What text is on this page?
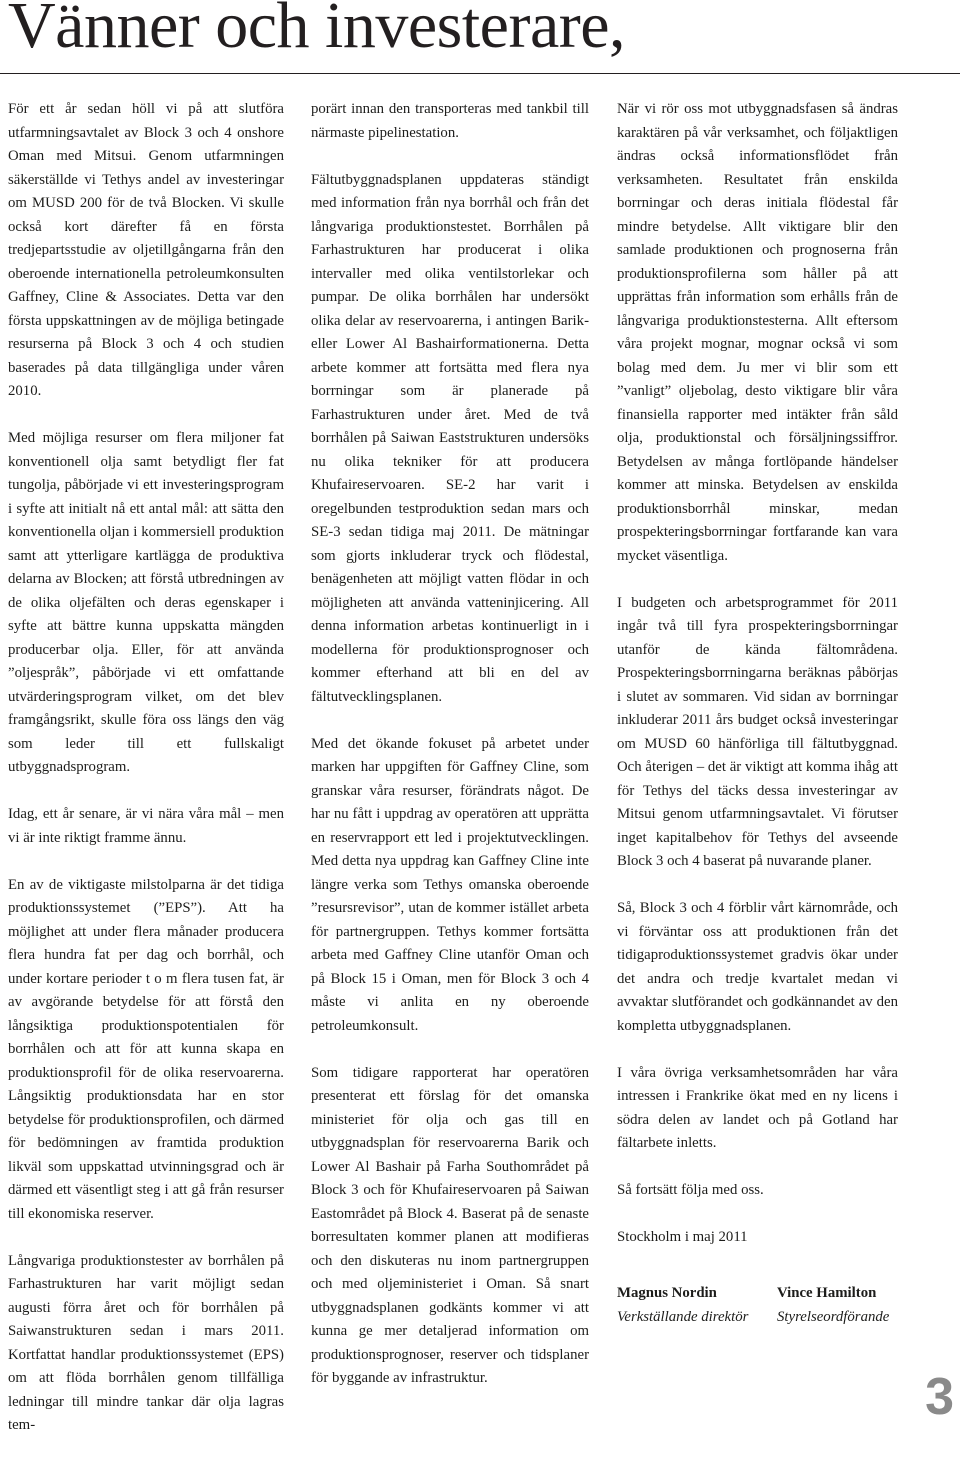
Vänner och investerare,

För ett år sedan höll vi på att slutföra utfarmningsavtalet av Block 3 och 4 onshore Oman med Mitsui. Genom utfarmningen säkerställde vi Tethys andel av investeringar om MUSD 200 för de två Blocken. Vi skulle också kort därefter få en första tredjepartsstudie av oljetillgångarna från den oberoende internationella petroleumkonsulten Gaffney, Cline & Associates. Detta var den första uppskattningen av de möjliga betingade resurserna på Block 3 och 4 och studien baserades på data tillgängliga under våren 2010.

Med möjliga resurser om flera miljoner fat konventionell olja samt betydligt fler fat tungolja, påbörjade vi ett investeringsprogram i syfte att initialt nå ett antal mål: att sätta den konventionella oljan i kommersiell produktion samt att ytterligare kartlägga de produktiva delarna av Blocken; att förstå utbredningen av de olika oljefälten och deras egenskaper i syfte att bättre kunna uppskatta mängden producerbar olja. Eller, för att använda ”oljespråk”, påbörjade vi ett omfattande utvärderingsprogram vilket, om det blev framgångsrikt, skulle föra oss längs den väg som leder till ett fullskaligt utbyggnadsprogram.

Idag, ett år senare, är vi nära våra mål – men vi är inte riktigt framme ännu.

En av de viktigaste milstolparna är det tidiga produktionssystemet (”EPS”). Att ha möjlighet att under flera månader producera flera hundra fat per dag och borrhål, och under kortare perioder t o m flera tusen fat, är av avgörande betydelse för att förstå den långsiktiga produktionspotentialen för borrhålen och att för att kunna skapa en produktionsprofil för de olika reservoarerna. Långsiktig produktionsdata har en stor betydelse för produktionsprofilen, och därmed för bedömningen av framtida produktion likväl som uppskattad utvinningsgrad och är därmed ett väsentligt steg i att gå från resurser till ekonomiska reserver.

Långvariga produktionstester av borrhålen på Farhastrukturen har varit möjligt sedan augusti förra året och för borrhålen på Saiwanstrukturen sedan i mars 2011. Kortfattat handlar produktionssystemet (EPS) om att flöda borrhålen genom tillfälliga ledningar till mindre tankar där olja lagras tem-

porärt innan den transporteras med tankbil till närmaste pipelinestation.

Fältutbyggnadsplanen uppdateras ständigt med information från nya borrhål och från det långvariga produktionstestet. Borrhålen på Farhastrukturen har producerat i olika intervaller med olika ventilstorlekar och pumpar. De olika borrhålen har undersökt olika delar av reservoarerna, i antingen Barik- eller Lower Al Bashairformationerna. Detta arbete kommer att fortsätta med flera nya borrningar som är planerade på Farhastrukturen under året. Med de två borrhålen på Saiwan Eaststrukturen undersöks nu olika tekniker för att producera Khufaireservoaren. SE-2 har varit i oregelbunden testproduktion sedan mars och SE-3 sedan tidiga maj 2011. De mätningar som gjorts inkluderar tryck och flödestal, benägenheten att möjligt vatten flödar in och möjligheten att använda vatteninjicering. All denna information arbetas kontinuerligt in i modellerna för produktionsprognoser och kommer efterhand att bli en del av fältutvecklingsplanen.

Med det ökande fokuset på arbetet under marken har uppgiften för Gaffney Cline, som granskar våra resurser, förändrats något. De har nu fått i uppdrag av operatören att upprätta en reservrapport ett led i projektutvecklingen. Med detta nya uppdrag kan Gaffney Cline inte längre verka som Tethys omanska oberoende ”resursrevisor”, utan de kommer istället arbeta för partnergruppen. Tethys kommer fortsätta arbeta med Gaffney Cline utanför Oman och på Block 15 i Oman, men för Block 3 och 4 måste vi anlita en ny oberoende petroleumkonsult.

Som tidigare rapporterat har operatören presenterat ett förslag för det omanska ministeriet för olja och gas till en utbyggnadsplan för reservoarerna Barik och Lower Al Bashair på Farha Southområdet på Block 3 och för Khufaireservoaren på Saiwan Eastområdet på Block 4. Baserat på de senaste borresultaten kommer planen att modifieras och den diskuteras nu inom partnergruppen och med oljeministeriet i Oman. Så snart utbyggnadsplanen godkänts kommer vi att kunna ge mer detaljerad information om produktionsprognoser, reserver och tidsplaner för byggande av infrastruktur.

När vi rör oss mot utbyggnadsfasen så ändras karaktären på vår verksamhet, och följaktligen ändras också informationsflödet från verksamheten. Resultatet från enskilda borrningar och deras initiala flödestal får mindre betydelse. Allt viktigare blir den samlade produktionen och prognoserna från produktionsprofilerna som håller på att upprättas från information som erhålls från de långvariga produktionstesterna. Allt eftersom våra projekt mognar, mognar också vi som bolag med dem. Ju mer vi blir som ett ”vanligt” oljebolag, desto viktigare blir våra finansiella rapporter med intäkter från såld olja, produktionstal och försäljningssiffror. Betydelsen av många fortlöpande händelser kommer att minska. Betydelsen av enskilda produktionsborrhål minskar, medan prospekteringsborrningar fortfarande kan vara mycket väsentliga.

I budgeten och arbetsprogrammet för 2011 ingår två till fyra prospekteringsborrningar utanför de kända fältområdena. Prospekteringsborrningarna beräknas påbörjas i slutet av sommaren. Vid sidan av borrningar inkluderar 2011 års budget också investeringar om MUSD 60 hänförliga till fältutbyggnad. Och återigen – det är viktigt att komma ihåg att för Tethys del täcks dessa investeringar av Mitsui genom utfarmningsavtalet. Vi förutser inget kapitalbehov för Tethys del avseende Block 3 och 4 baserat på nuvarande planer.

Så, Block 3 och 4 förblir vårt kärnområde, och vi förväntar oss att produktionen från det tidigaproduktionssystemet gradvis ökar under det andra och tredje kvartalet medan vi avvaktar slutförandet och godkännandet av den kompletta utbyggnadsplanen.

I våra övriga verksamhetsområden har våra intressen i Frankrike ökat med en ny licens i södra delen av landet och på Gotland har fältarbete inletts.

Så fortsätt följa med oss.

Stockholm i maj 2011

Magnus Nordin
Verkställande direktör
Vince Hamilton
Styrelseordförande
3
